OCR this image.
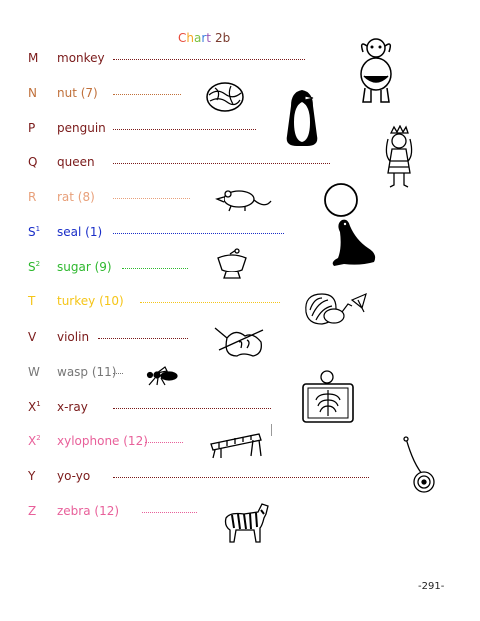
Chart 2b
M monkey
N nut (7)
P penguin
Q queen
R rat (8)
$S^1$ seal (1)
$S^2$ sugar (9)
T turkey (10)
V violin
W wasp (11)
$X^1$ x-ray
$X^2$ xylophone (12)
Y yo-yo
Z zebra (12)
-291-
